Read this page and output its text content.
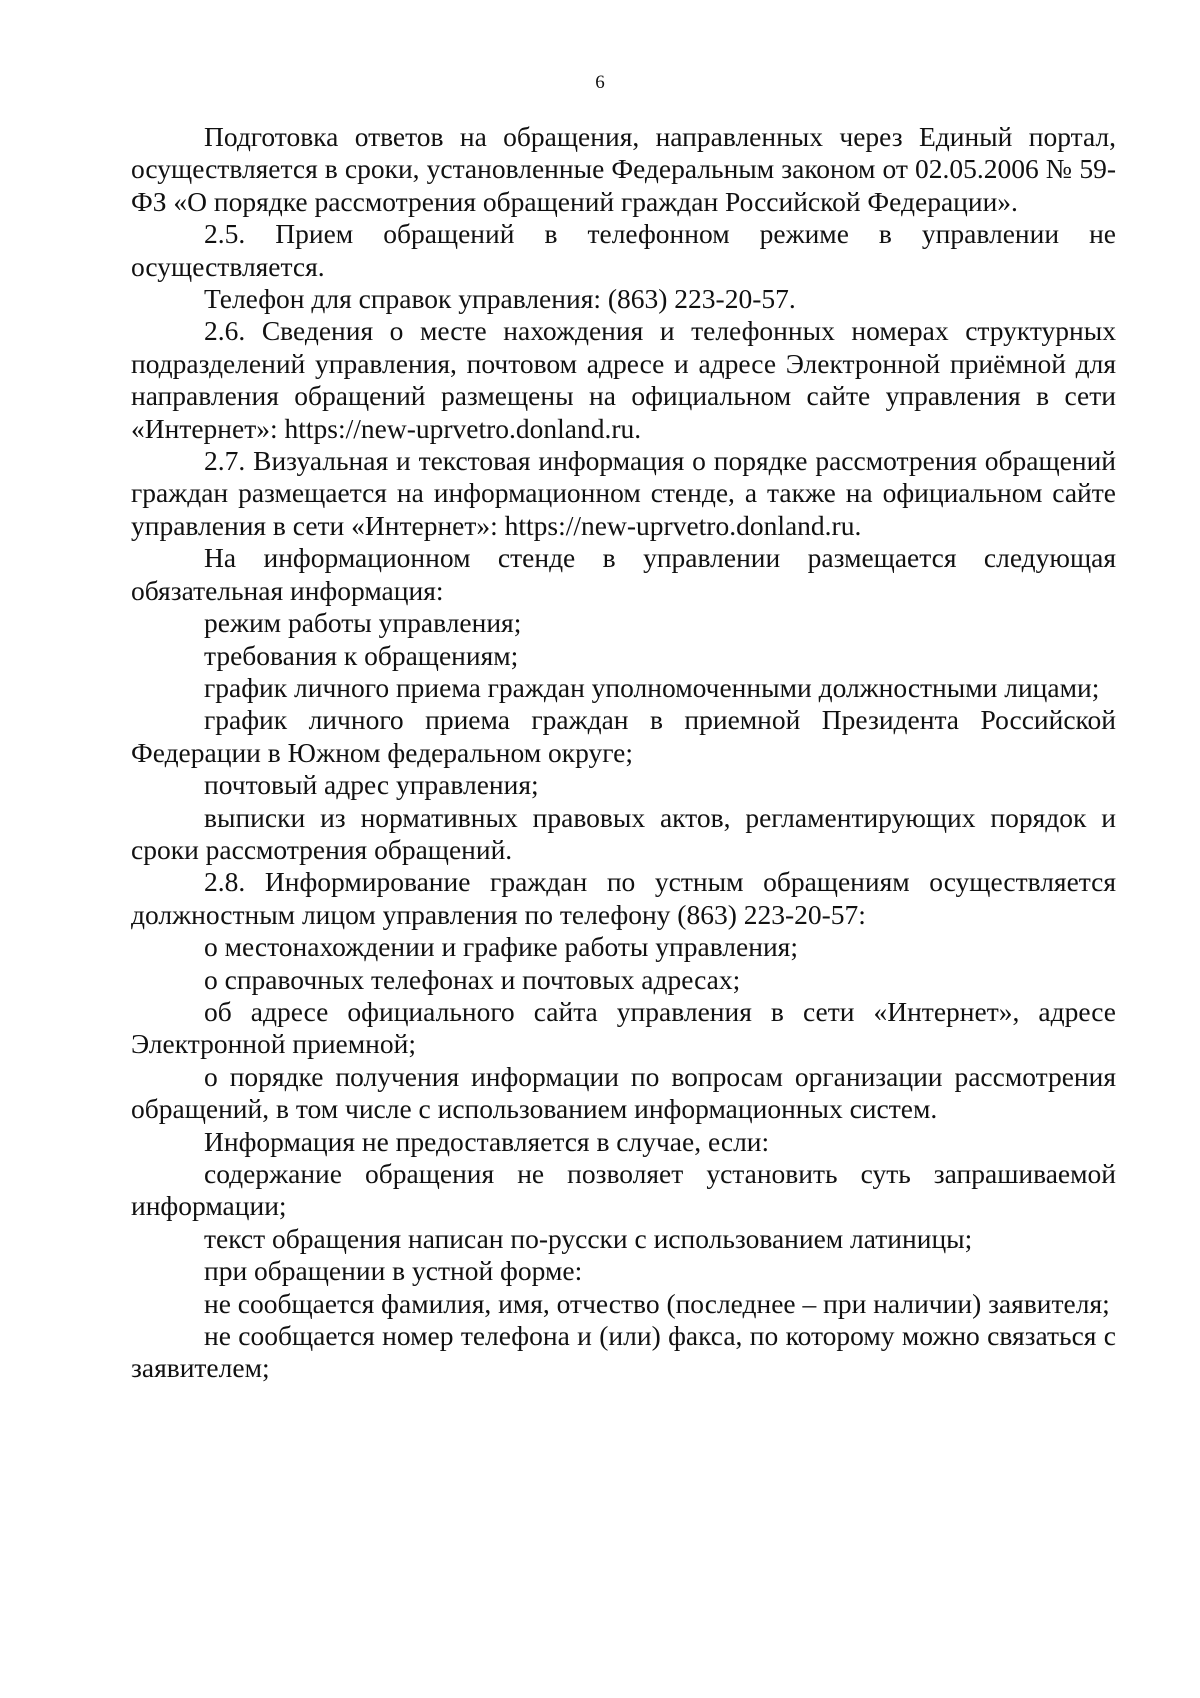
6

Подготовка ответов на обращения, направленных через Единый портал, осуществляется в сроки, установленные Федеральным законом от 02.05.2006 № 59-ФЗ «О порядке рассмотрения обращений граждан Российской Федерации».

2.5. Прием обращений в телефонном режиме в управлении не осуществляется.

Телефон для справок управления: (863) 223-20-57.

2.6. Сведения о месте нахождения и телефонных номерах структурных подразделений управления, почтовом адресе и адресе Электронной приёмной для направления обращений размещены на официальном сайте управления в сети «Интернет»: https://new-uprvetro.donland.ru.

2.7. Визуальная и текстовая информация о порядке рассмотрения обращений граждан размещается на информационном стенде, а также на официальном сайте управления в сети «Интернет»: https://new-uprvetro.donland.ru.

На информационном стенде в управлении размещается следующая обязательная информация:

режим работы управления;

требования к обращениям;

график личного приема граждан уполномоченными должностными лицами;

график личного приема граждан в приемной Президента Российской Федерации в Южном федеральном округе;

почтовый адрес управления;

выписки из нормативных правовых актов, регламентирующих порядок и сроки рассмотрения обращений.

2.8. Информирование граждан по устным обращениям осуществляется должностным лицом управления по телефону (863) 223-20-57:

о местонахождении и графике работы управления;

о справочных телефонах и почтовых адресах;

об адресе официального сайта управления в сети «Интернет», адресе Электронной приемной;

о порядке получения информации по вопросам организации рассмотрения обращений, в том числе с использованием информационных систем.

Информация не предоставляется в случае, если:

содержание обращения не позволяет установить суть запрашиваемой информации;

текст обращения написан по-русски с использованием латиницы;

при обращении в устной форме:

не сообщается фамилия, имя, отчество (последнее – при наличии) заявителя;

не сообщается номер телефона и (или) факса, по которому можно связаться с заявителем;
